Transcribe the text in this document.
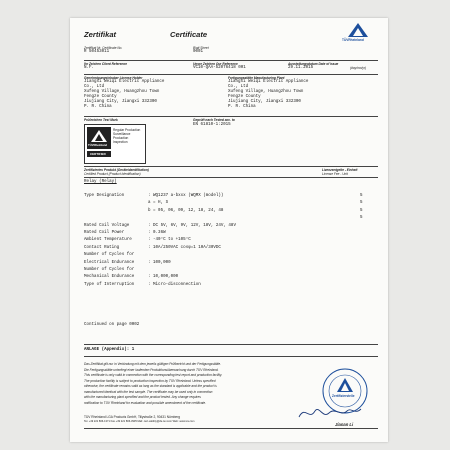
Zertifikat	Certificate
TÜVRheinland
Zertifikat Nr. Certificate No.
R 50453011
Blatt Sheet
0001
Ihr Zeichen Client Reference
N.F.
Unser Zeichen Our Reference
VC10-QAA-52076418 001
Ausstellungsdatum Date of issue
29.11.2015	(day/mo/yr)
Genehmigungsinhaber License Holder	Fertigungsstätte Manufacturing Plant
Jiangxi Weiqi Electric Appliance
Co., Ltd
Xufeng Village, Huangzhou Town
Fengze County
Jiujiang City, Jiangxi 332300
P. R. China
Jiangxi Weiqi Electric Appliance
Co., Ltd
Xufeng Village, Huangzhou Town
Fengze County
Jiujiang City, Jiangxi 332300
P. R. China
Prüfzeichen Test Mark	Geprüft nach Tested acc. to
EN 61810-1:2015
TÜVRheinland
Regular Production
Surveillance
Production
Inspection
CERTIFIED
Zertifiziertes Produkt (Geräteidentifikation)
Certified Product (Product Identification)
Lizenzentgelte - Einheit
License Fee - Unit
Relay (Relay)
Type Designation	: WQ1237 a-bxxx (WQMX (model))	5
a = H, S	5
b = 05, 06, 09, 12, 18, 24, 48	5
5
Rated Coil Voltage	: DC 5V, 6V, 9V, 12V, 18V, 24V, 48V
Rated Coil Power	: 0.36W
Ambient Temperature	: -40°C to +105°C
Contact Rating	: 10A/250VAC cosφ=1 10A/30VDC
Number of Cycles for
Electrical Endurance	: 100,000
Number of Cycles for
Mechanical Endurance	: 10,000,000
Type of Interruption	: Micro-disconnection
Continued on page 0002
ANLAGE (Appendix): 1
Das Zertifikat gilt nur in Verbindung mit dem jeweils gültigen Prüfbericht und der Fertigungsstätte.
Die Fertigungsstätte unterliegt einer laufenden Produktionsüberwachung durch TÜV Rheinland.
This certificate is only valid in connection with the corresponding test report and production facility.
The production facility is subject to production inspection by TÜV Rheinland. Unless specified
otherwise, the certificate remains valid as long as the standard is applicable and the product is
manufactured identical with the test sample. The certificate may be used only in connection
with the manufacturing plant specified and the product tested. Any change requires
notification to TÜV Rheinland for evaluation and possible amendment of the certificate.
Zertifizierstelle
Jianan Li
TÜV Rheinland LGA Products GmbH, Tillystraße 2, 90431 Nürnberg
Tel. +49 221 806-1371 Fax +49 221 806-3935 Mail: cert-validity@de.tuv.com Web: www.tuv.com
